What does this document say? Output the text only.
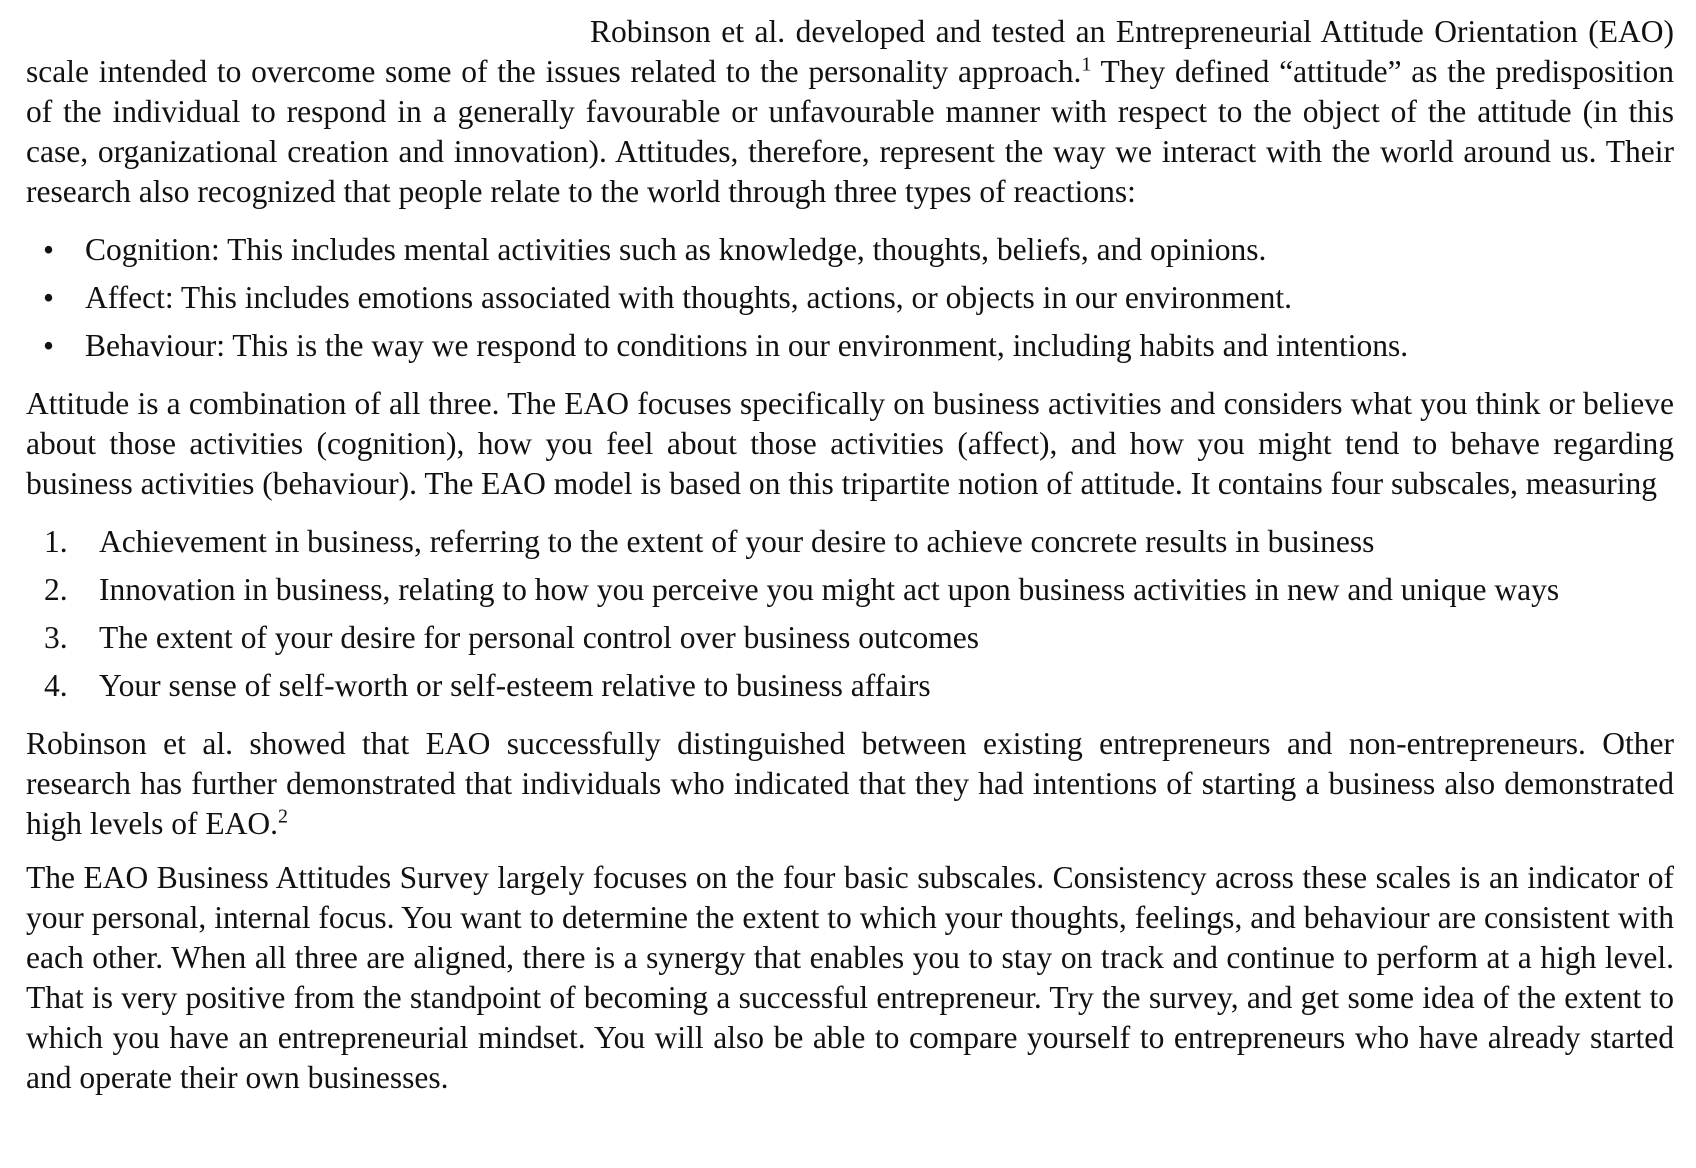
Robinson et al. developed and tested an Entrepreneurial Attitude Orientation (EAO) scale intended to overcome some of the issues related to the personality approach.$^1$ They defined “attitude” as the predisposition of the individual to respond in a generally favourable or unfavourable manner with respect to the object of the attitude (in this case, organizational creation and innovation). Attitudes, therefore, represent the way we interact with the world around us. Their research also recognized that people relate to the world through three types of reactions:

• Cognition: This includes mental activities such as knowledge, thoughts, beliefs, and opinions.
• Affect: This includes emotions associated with thoughts, actions, or objects in our environment.
• Behaviour: This is the way we respond to conditions in our environment, including habits and intentions.

Attitude is a combination of all three. The EAO focuses specifically on business activities and considers what you think or believe about those activities (cognition), how you feel about those activities (affect), and how you might tend to behave regarding business activities (behaviour). The EAO model is based on this tripartite notion of attitude. It contains four subscales, measuring

1. Achievement in business, referring to the extent of your desire to achieve concrete results in business
2. Innovation in business, relating to how you perceive you might act upon business activities in new and unique ways
3. The extent of your desire for personal control over business outcomes
4. Your sense of self-worth or self-esteem relative to business affairs

Robinson et al. showed that EAO successfully distinguished between existing entrepreneurs and non-entrepreneurs. Other research has further demonstrated that individuals who indicated that they had intentions of starting a business also demonstrated high levels of EAO.$^2$

The EAO Business Attitudes Survey largely focuses on the four basic subscales. Consistency across these scales is an indicator of your personal, internal focus. You want to determine the extent to which your thoughts, feelings, and behaviour are consistent with each other. When all three are aligned, there is a synergy that enables you to stay on track and continue to perform at a high level. That is very positive from the standpoint of becoming a successful entrepreneur. Try the survey, and get some idea of the extent to which you have an entrepreneurial mindset. You will also be able to compare yourself to entrepreneurs who have already started and operate their own businesses.
